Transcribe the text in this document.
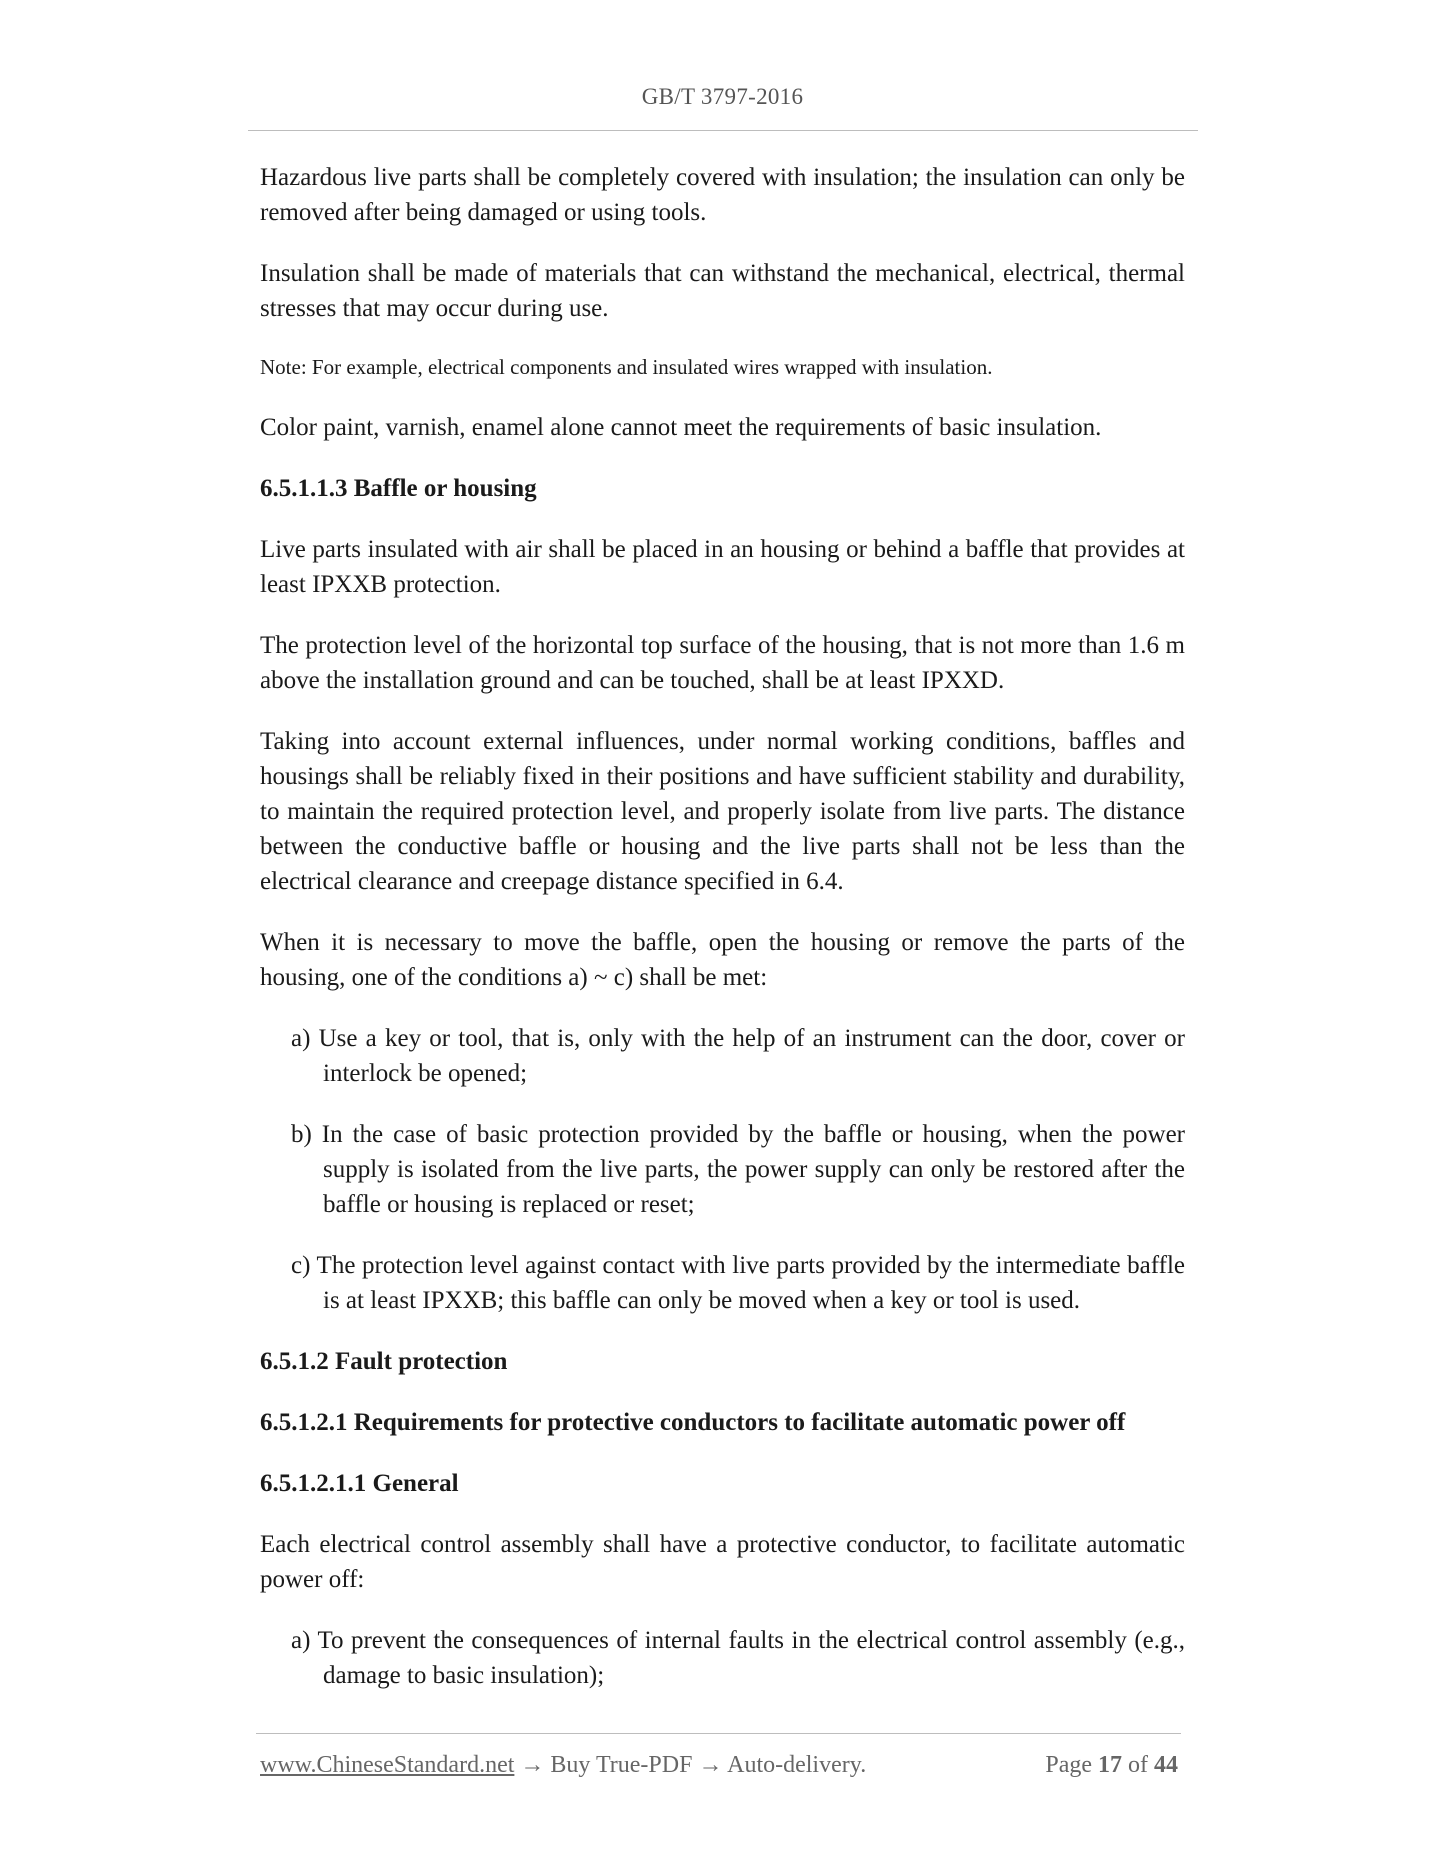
GB/T 3797-2016

Hazardous live parts shall be completely covered with insulation; the insulation can only be removed after being damaged or using tools.

Insulation shall be made of materials that can withstand the mechanical, electrical, thermal stresses that may occur during use.

Note: For example, electrical components and insulated wires wrapped with insulation.

Color paint, varnish, enamel alone cannot meet the requirements of basic insulation.

6.5.1.1.3 Baffle or housing

Live parts insulated with air shall be placed in an housing or behind a baffle that provides at least IPXXB protection.

The protection level of the horizontal top surface of the housing, that is not more than 1.6 m above the installation ground and can be touched, shall be at least IPXXD.

Taking into account external influences, under normal working conditions, baffles and housings shall be reliably fixed in their positions and have sufficient stability and durability, to maintain the required protection level, and properly isolate from live parts. The distance between the conductive baffle or housing and the live parts shall not be less than the electrical clearance and creepage distance specified in 6.4.

When it is necessary to move the baffle, open the housing or remove the parts of the housing, one of the conditions a) ~ c) shall be met:

a) Use a key or tool, that is, only with the help of an instrument can the door, cover or interlock be opened;
b) In the case of basic protection provided by the baffle or housing, when the power supply is isolated from the live parts, the power supply can only be restored after the baffle or housing is replaced or reset;
c) The protection level against contact with live parts provided by the intermediate baffle is at least IPXXB; this baffle can only be moved when a key or tool is used.
6.5.1.2 Fault protection
6.5.1.2.1 Requirements for protective conductors to facilitate automatic power off
6.5.1.2.1.1 General

Each electrical control assembly shall have a protective conductor, to facilitate automatic power off:

a) To prevent the consequences of internal faults in the electrical control assembly (e.g., damage to basic insulation);
www.ChineseStandard.net → Buy True-PDF → Auto-delivery.	Page 17 of 44
